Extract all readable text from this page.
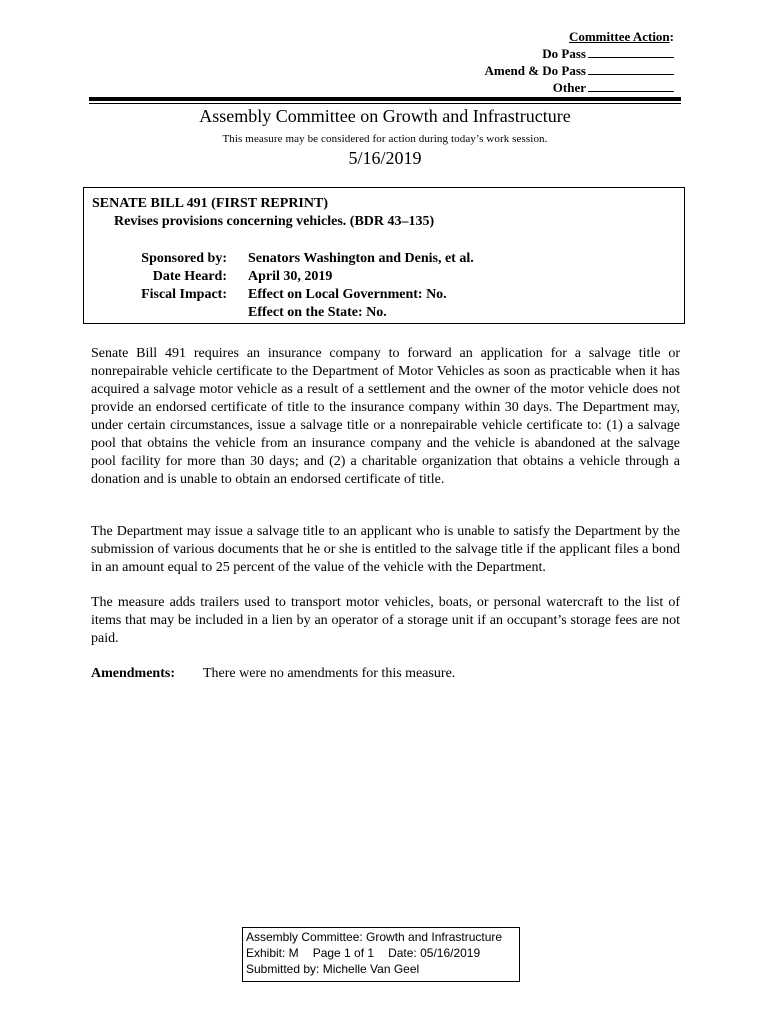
Committee Action:
Do Pass
Amend & Do Pass
Other
Assembly Committee on Growth and Infrastructure
This measure may be considered for action during today’s work session.
5/16/2019
SENATE BILL 491 (FIRST REPRINT)
Revises provisions concerning vehicles. (BDR 43–135)
Sponsored by:
Date Heard:
Fiscal Impact:
Senators Washington and Denis, et al.
April 30, 2019
Effect on Local Government: No.
Effect on the State: No.
Senate Bill 491 requires an insurance company to forward an application for a salvage title or nonrepairable vehicle certificate to the Department of Motor Vehicles as soon as practicable when it has acquired a salvage motor vehicle as a result of a settlement and the owner of the motor vehicle does not provide an endorsed certificate of title to the insurance company within 30 days. The Department may, under certain circumstances, issue a salvage title or a nonrepairable vehicle certificate to: (1) a salvage pool that obtains the vehicle from an insurance company and the vehicle is abandoned at the salvage pool facility for more than 30 days; and (2) a charitable organization that obtains a vehicle through a donation and is unable to obtain an endorsed certificate of title.
The Department may issue a salvage title to an applicant who is unable to satisfy the Department by the submission of various documents that he or she is entitled to the salvage title if the applicant files a bond in an amount equal to 25 percent of the value of the vehicle with the Department.
The measure adds trailers used to transport motor vehicles, boats, or personal watercraft to the list of items that may be included in a lien by an operator of a storage unit if an occupant’s storage fees are not paid.
Amendments: There were no amendments for this measure.
Assembly Committee: Growth and Infrastructure
Exhibit: M Page 1 of 1 Date: 05/16/2019
Submitted by: Michelle Van Geel
